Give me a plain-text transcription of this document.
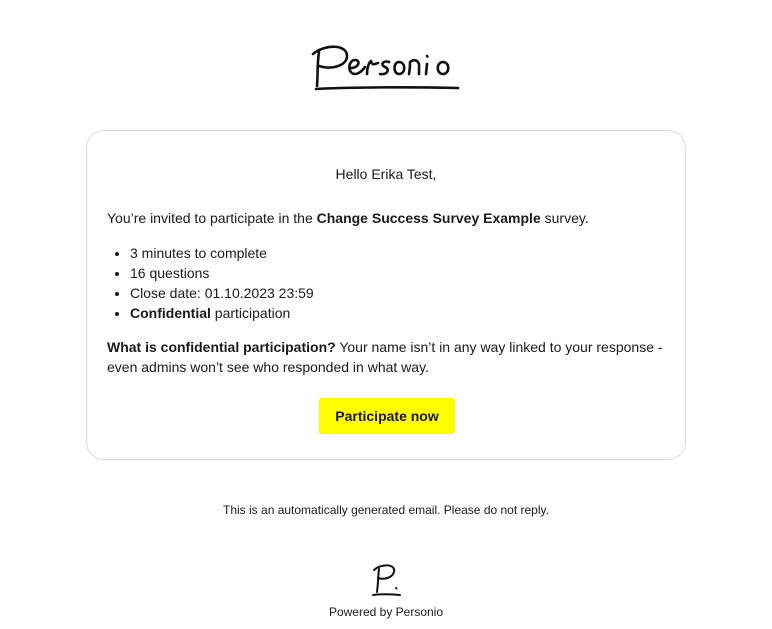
Hello Erika Test,
You’re invited to participate in the Change Success Survey Example survey.
• 3 minutes to complete
• 16 questions
• Close date: 01.10.2023 23:59
• Confidential participation
What is confidential participation? Your name isn’t in any way linked to your response - even admins won’t see who responded in what way.
Participate now
This is an automatically generated email. Please do not reply.
Powered by Personio
